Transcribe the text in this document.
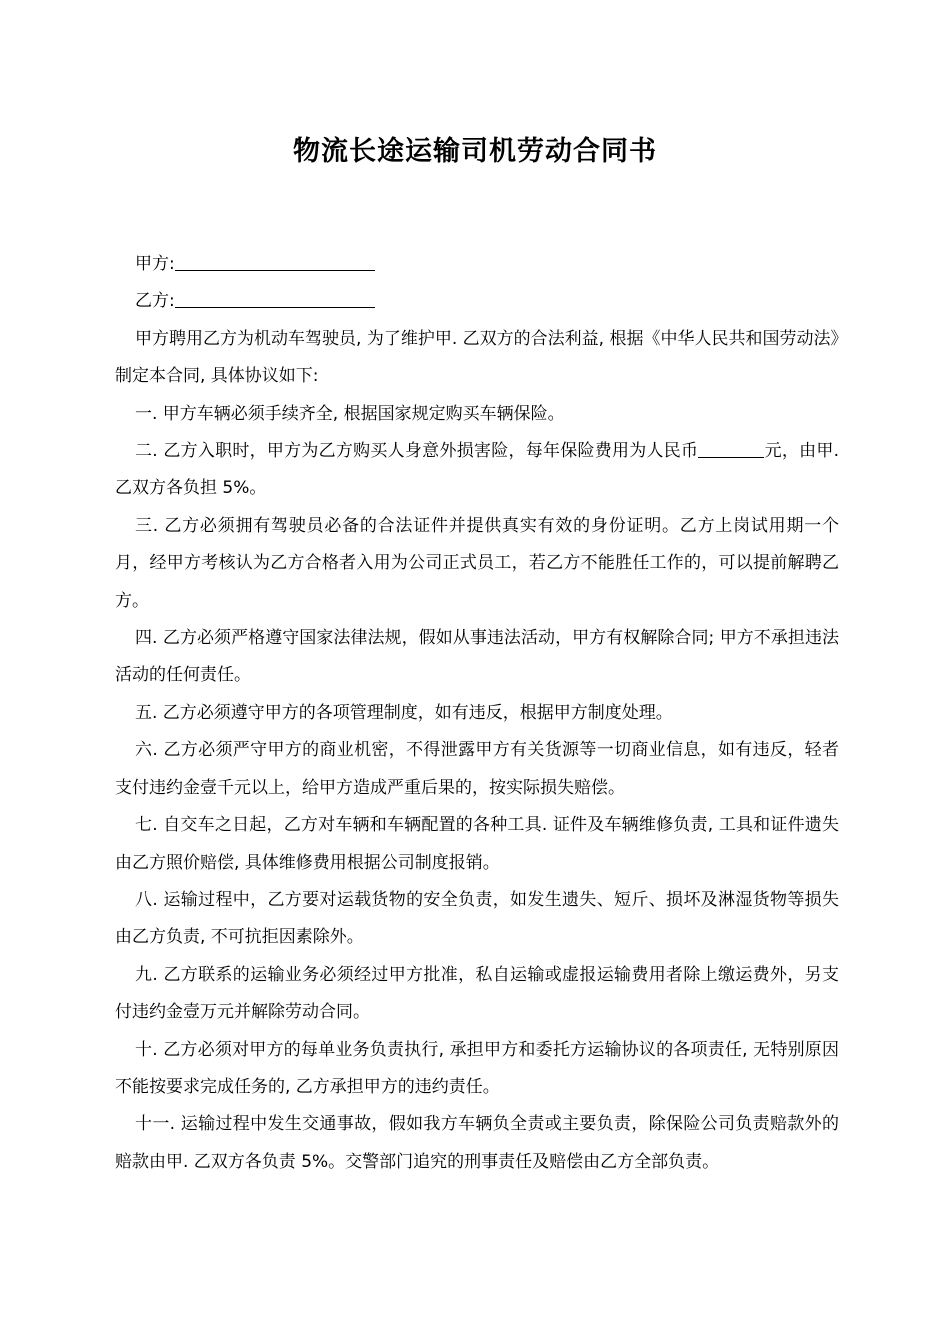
物流长途运输司机劳动合同书

甲方:

乙方:

甲方聘用乙方为机动车驾驶员, 为了维护甲. 乙双方的合法利益, 根据《中华人民共和国劳动法》制定本合同, 具体协议如下:

一. 甲方车辆必须手续齐全, 根据国家规定购买车辆保险。

二. 乙方入职时，甲方为乙方购买人身意外损害险，每年保险费用为人民币	元，由甲. 乙双方各负担 5%。

三. 乙方必须拥有驾驶员必备的合法证件并提供真实有效的身份证明。乙方上岗试用期一个月，经甲方考核认为乙方合格者入用为公司正式员工，若乙方不能胜任工作的，可以提前解聘乙方。

四. 乙方必须严格遵守国家法律法规，假如从事违法活动，甲方有权解除合同; 甲方不承担违法活动的任何责任。

五. 乙方必须遵守甲方的各项管理制度，如有违反，根据甲方制度处理。

六. 乙方必须严守甲方的商业机密，不得泄露甲方有关货源等一切商业信息，如有违反，轻者支付违约金壹千元以上，给甲方造成严重后果的，按实际损失赔偿。

七. 自交车之日起，乙方对车辆和车辆配置的各种工具. 证件及车辆维修负责, 工具和证件遗失由乙方照价赔偿, 具体维修费用根据公司制度报销。

八. 运输过程中，乙方要对运载货物的安全负责，如发生遗失、短斤、损坏及淋湿货物等损失由乙方负责, 不可抗拒因素除外。

九. 乙方联系的运输业务必须经过甲方批准，私自运输或虚报运输费用者除上缴运费外，另支付违约金壹万元并解除劳动合同。

十. 乙方必须对甲方的每单业务负责执行, 承担甲方和委托方运输协议的各项责任, 无特别原因不能按要求完成任务的, 乙方承担甲方的违约责任。

十一. 运输过程中发生交通事故，假如我方车辆负全责或主要负责，除保险公司负责赔款外的赔款由甲. 乙双方各负责 5%。交警部门追究的刑事责任及赔偿由乙方全部负责。
